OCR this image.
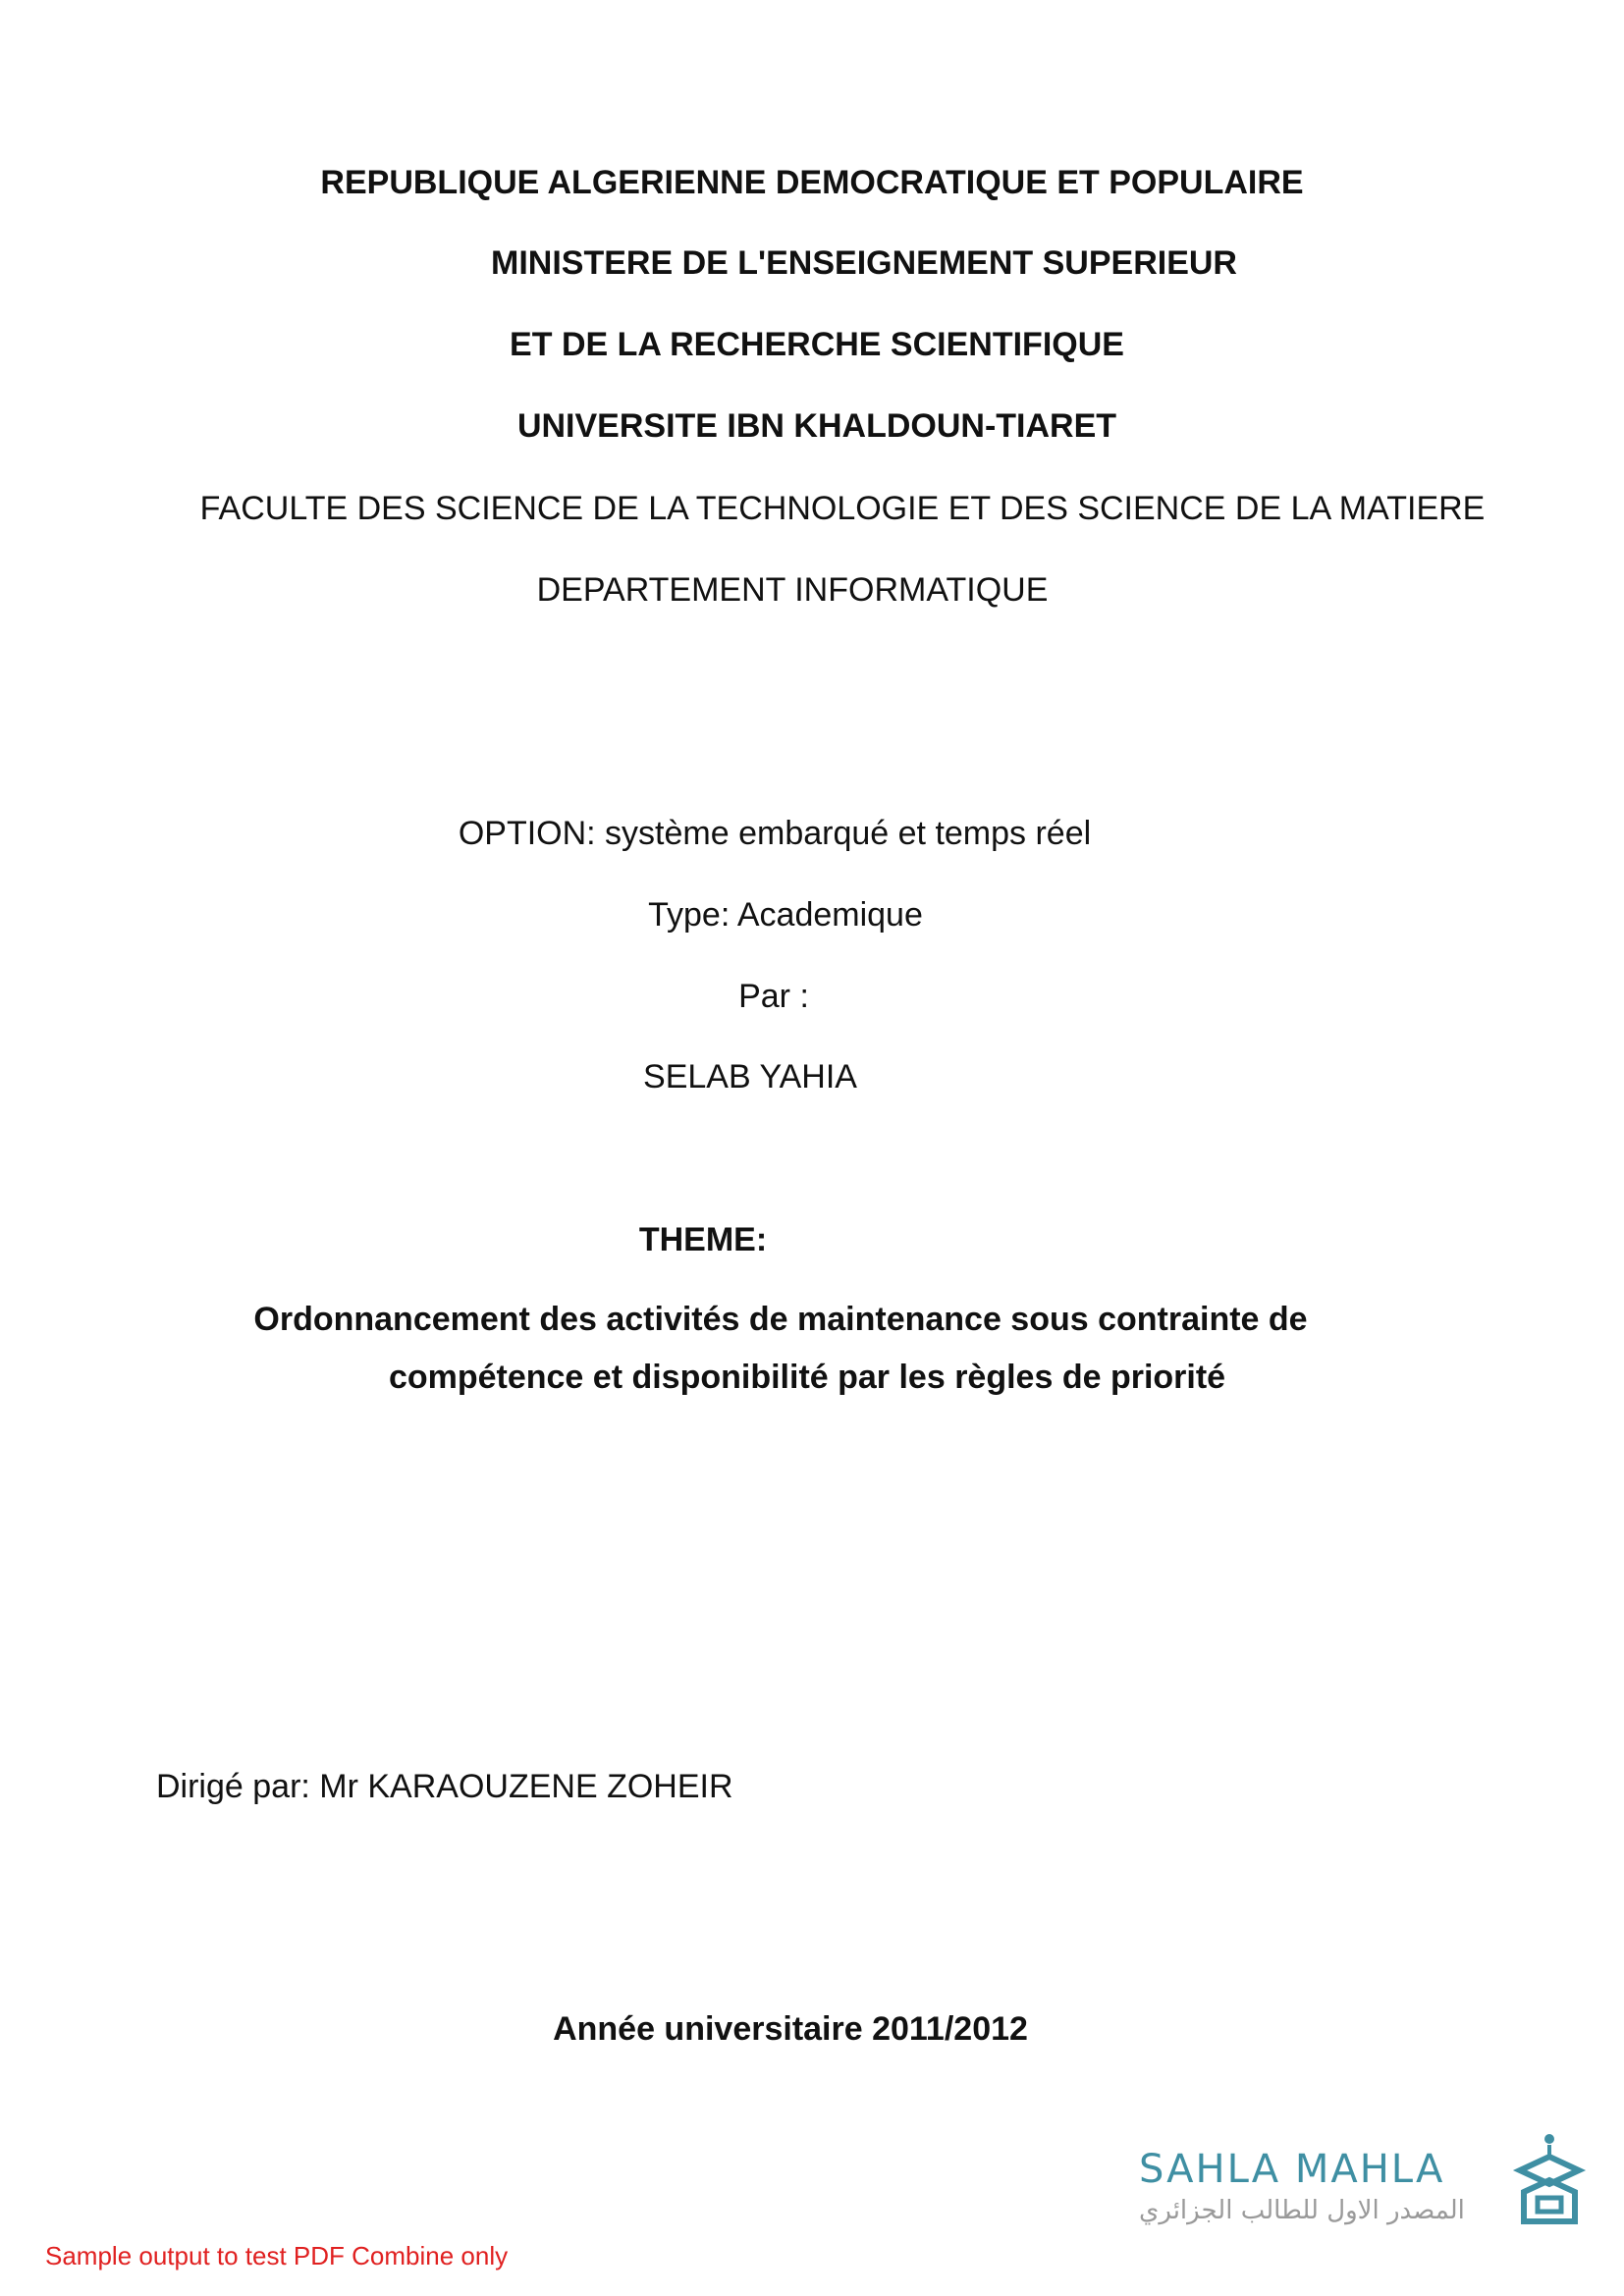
REPUBLIQUE ALGERIENNE DEMOCRATIQUE ET POPULAIRE
MINISTERE DE L'ENSEIGNEMENT SUPERIEUR
ET DE LA RECHERCHE SCIENTIFIQUE
UNIVERSITE IBN KHALDOUN-TIARET
FACULTE DES SCIENCE DE LA TECHNOLOGIE ET DES SCIENCE DE LA MATIERE
DEPARTEMENT INFORMATIQUE
OPTION: système embarqué et temps réel
Type: Academique
Par :
SELAB YAHIA
THEME:
Ordonnancement des activités de maintenance sous contrainte de
compétence et disponibilité par les règles de priorité
Dirigé par: Mr KARAOUZENE ZOHEIR
Année universitaire 2011/2012
SAHLA MAHLA
المصدر الاول للطالب الجزائري
Sample output to test PDF Combine only
